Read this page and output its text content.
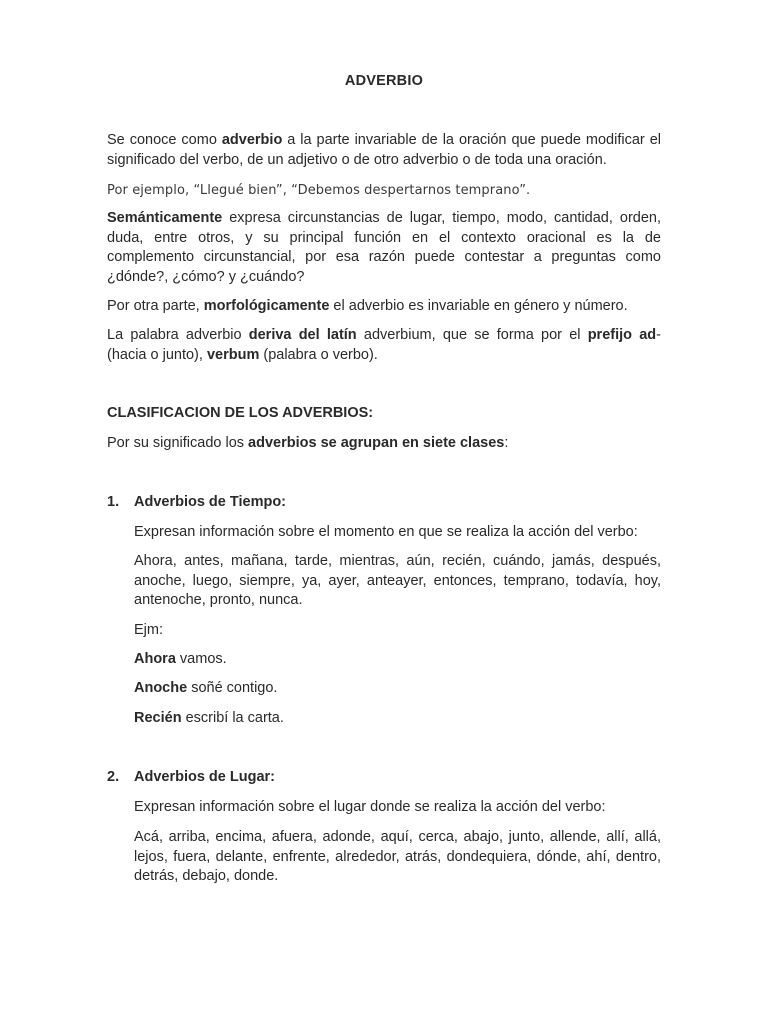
ADVERBIO

Se conoce como adverbio a la parte invariable de la oración que puede modificar el significado del verbo, de un adjetivo o de otro adverbio o de toda una oración.

Por ejemplo, “Llegué bien”, “Debemos despertarnos temprano”.

Semánticamente expresa circunstancias de lugar, tiempo, modo, cantidad, orden, duda, entre otros, y su principal función en el contexto oracional es la de complemento circunstancial, por esa razón puede contestar a preguntas como ¿dónde?, ¿cómo? y ¿cuándo?

Por otra parte, morfológicamente el adverbio es invariable en género y número.

La palabra adverbio deriva del latín adverbium, que se forma por el prefijo ad- (hacia o junto), verbum (palabra o verbo).

CLASIFICACION DE LOS ADVERBIOS:

Por su significado los adverbios se agrupan en siete clases:

1. Adverbios de Tiempo:

Expresan información sobre el momento en que se realiza la acción del verbo:

Ahora, antes, mañana, tarde, mientras, aún, recién, cuándo, jamás, después, anoche, luego, siempre, ya, ayer, anteayer, entonces, temprano, todavía, hoy, antenoche, pronto, nunca.

Ejm:

Ahora vamos.

Anoche soñé contigo.

Recién escribí la carta.

2. Adverbios de Lugar:

Expresan información sobre el lugar donde se realiza la acción del verbo:

Acá, arriba, encima, afuera, adonde, aquí, cerca, abajo, junto, allende, allí, allá, lejos, fuera, delante, enfrente, alrededor, atrás, dondequiera, dónde, ahí, dentro, detrás, debajo, donde.
